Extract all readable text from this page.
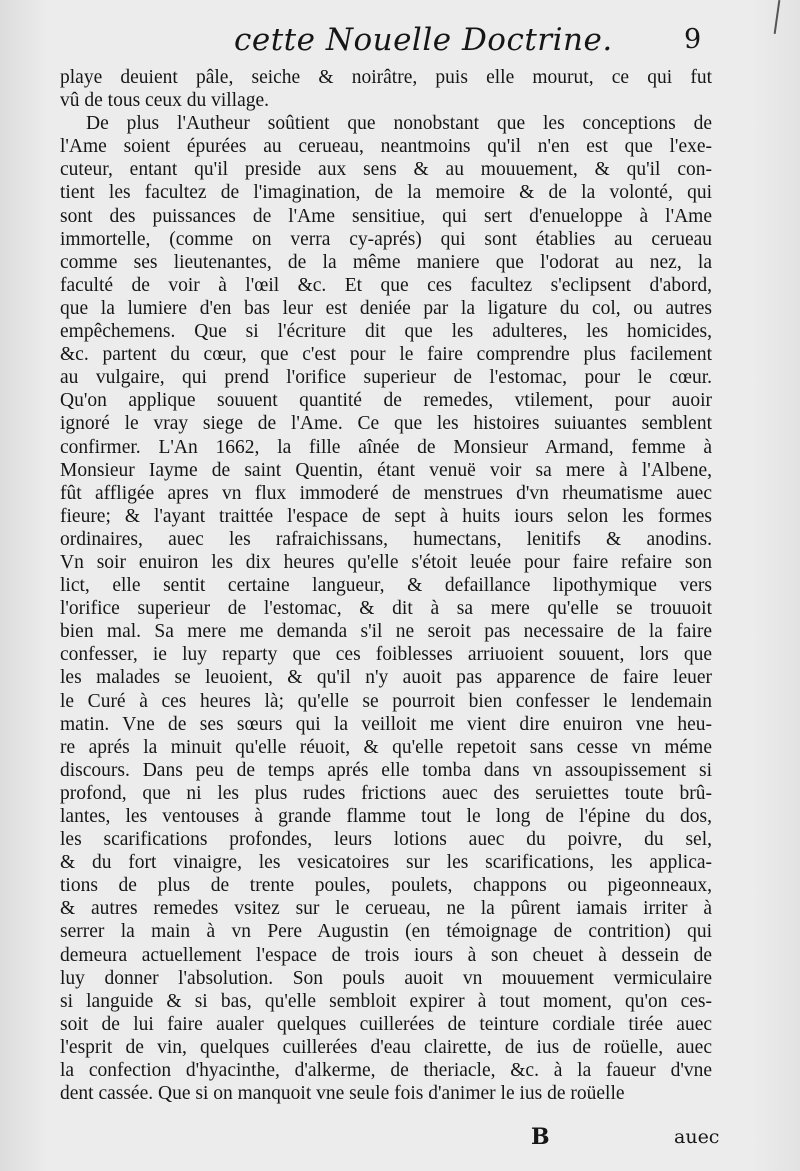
cette Nouelle Doctrine.	9
playe deuient pâle, seiche & noirâtre, puis elle mourut, ce qui fut
vû de tous ceux du village.
De plus l'Autheur soûtient que nonobstant que les conceptions de
l'Ame soient épurées au cerueau, neantmoins qu'il n'en est que l'exe-
cuteur, entant qu'il preside aux sens & au mouuement, & qu'il con-
tient les facultez de l'imagination, de la memoire & de la volonté, qui
sont des puissances de l'Ame sensitiue, qui sert d'enueloppe à l'Ame
immortelle, (comme on verra cy-aprés) qui sont établies au cerueau
comme ses lieutenantes, de la même maniere que l'odorat au nez, la
faculté de voir à l'œil &c. Et que ces facultez s'eclipsent d'abord,
que la lumiere d'en bas leur est deniée par la ligature du col, ou autres
empêchemens. Que si l'écriture dit que les adulteres, les homicides,
&c. partent du cœur, que c'est pour le faire comprendre plus facilement
au vulgaire, qui prend l'orifice superieur de l'estomac, pour le cœur.
Qu'on applique souuent quantité de remedes, vtilement, pour auoir
ignoré le vray siege de l'Ame. Ce que les histoires suiuantes semblent
confirmer. L'An 1662, la fille aînée de Monsieur Armand, femme à
Monsieur Iayme de saint Quentin, étant venuë voir sa mere à l'Albene,
fût affligée apres vn flux immoderé de menstrues d'vn rheumatisme auec
fieure; & l'ayant traittée l'espace de sept à huits iours selon les formes
ordinaires, auec les rafraichissans, humectans, lenitifs & anodins.
Vn soir enuiron les dix heures qu'elle s'étoit leuée pour faire refaire son
lict, elle sentit certaine langueur, & defaillance lipothymique vers
l'orifice superieur de l'estomac, & dit à sa mere qu'elle se trouuoit
bien mal. Sa mere me demanda s'il ne seroit pas necessaire de la faire
confesser, ie luy reparty que ces foiblesses arriuoient souuent, lors que
les malades se leuoient, & qu'il n'y auoit pas apparence de faire leuer
le Curé à ces heures là; qu'elle se pourroit bien confesser le lendemain
matin. Vne de ses sœurs qui la veilloit me vient dire enuiron vne heu-
re aprés la minuit qu'elle réuoit, & qu'elle repetoit sans cesse vn méme
discours. Dans peu de temps aprés elle tomba dans vn assoupissement si
profond, que ni les plus rudes frictions auec des seruiettes toute brû-
lantes, les ventouses à grande flamme tout le long de l'épine du dos,
les scarifications profondes, leurs lotions auec du poivre, du sel,
& du fort vinaigre, les vesicatoires sur les scarifications, les applica-
tions de plus de trente poules, poulets, chappons ou pigeonneaux,
& autres remedes vsitez sur le cerueau, ne la pûrent iamais irriter à
serrer la main à vn Pere Augustin (en témoignage de contrition) qui
demeura actuellement l'espace de trois iours à son cheuet à dessein de
luy donner l'absolution. Son pouls auoit vn mouuement vermiculaire
si languide & si bas, qu'elle sembloit expirer à tout moment, qu'on ces-
soit de lui faire aualer quelques cuillerées de teinture cordiale tirée auec
l'esprit de vin, quelques cuillerées d'eau clairette, de ius de roüelle, auec
la confection d'hyacinthe, d'alkerme, de theriacle, &c. à la faueur d'vne
dent cassée. Que si on manquoit vne seule fois d'animer le ius de roüelle
B	auec
